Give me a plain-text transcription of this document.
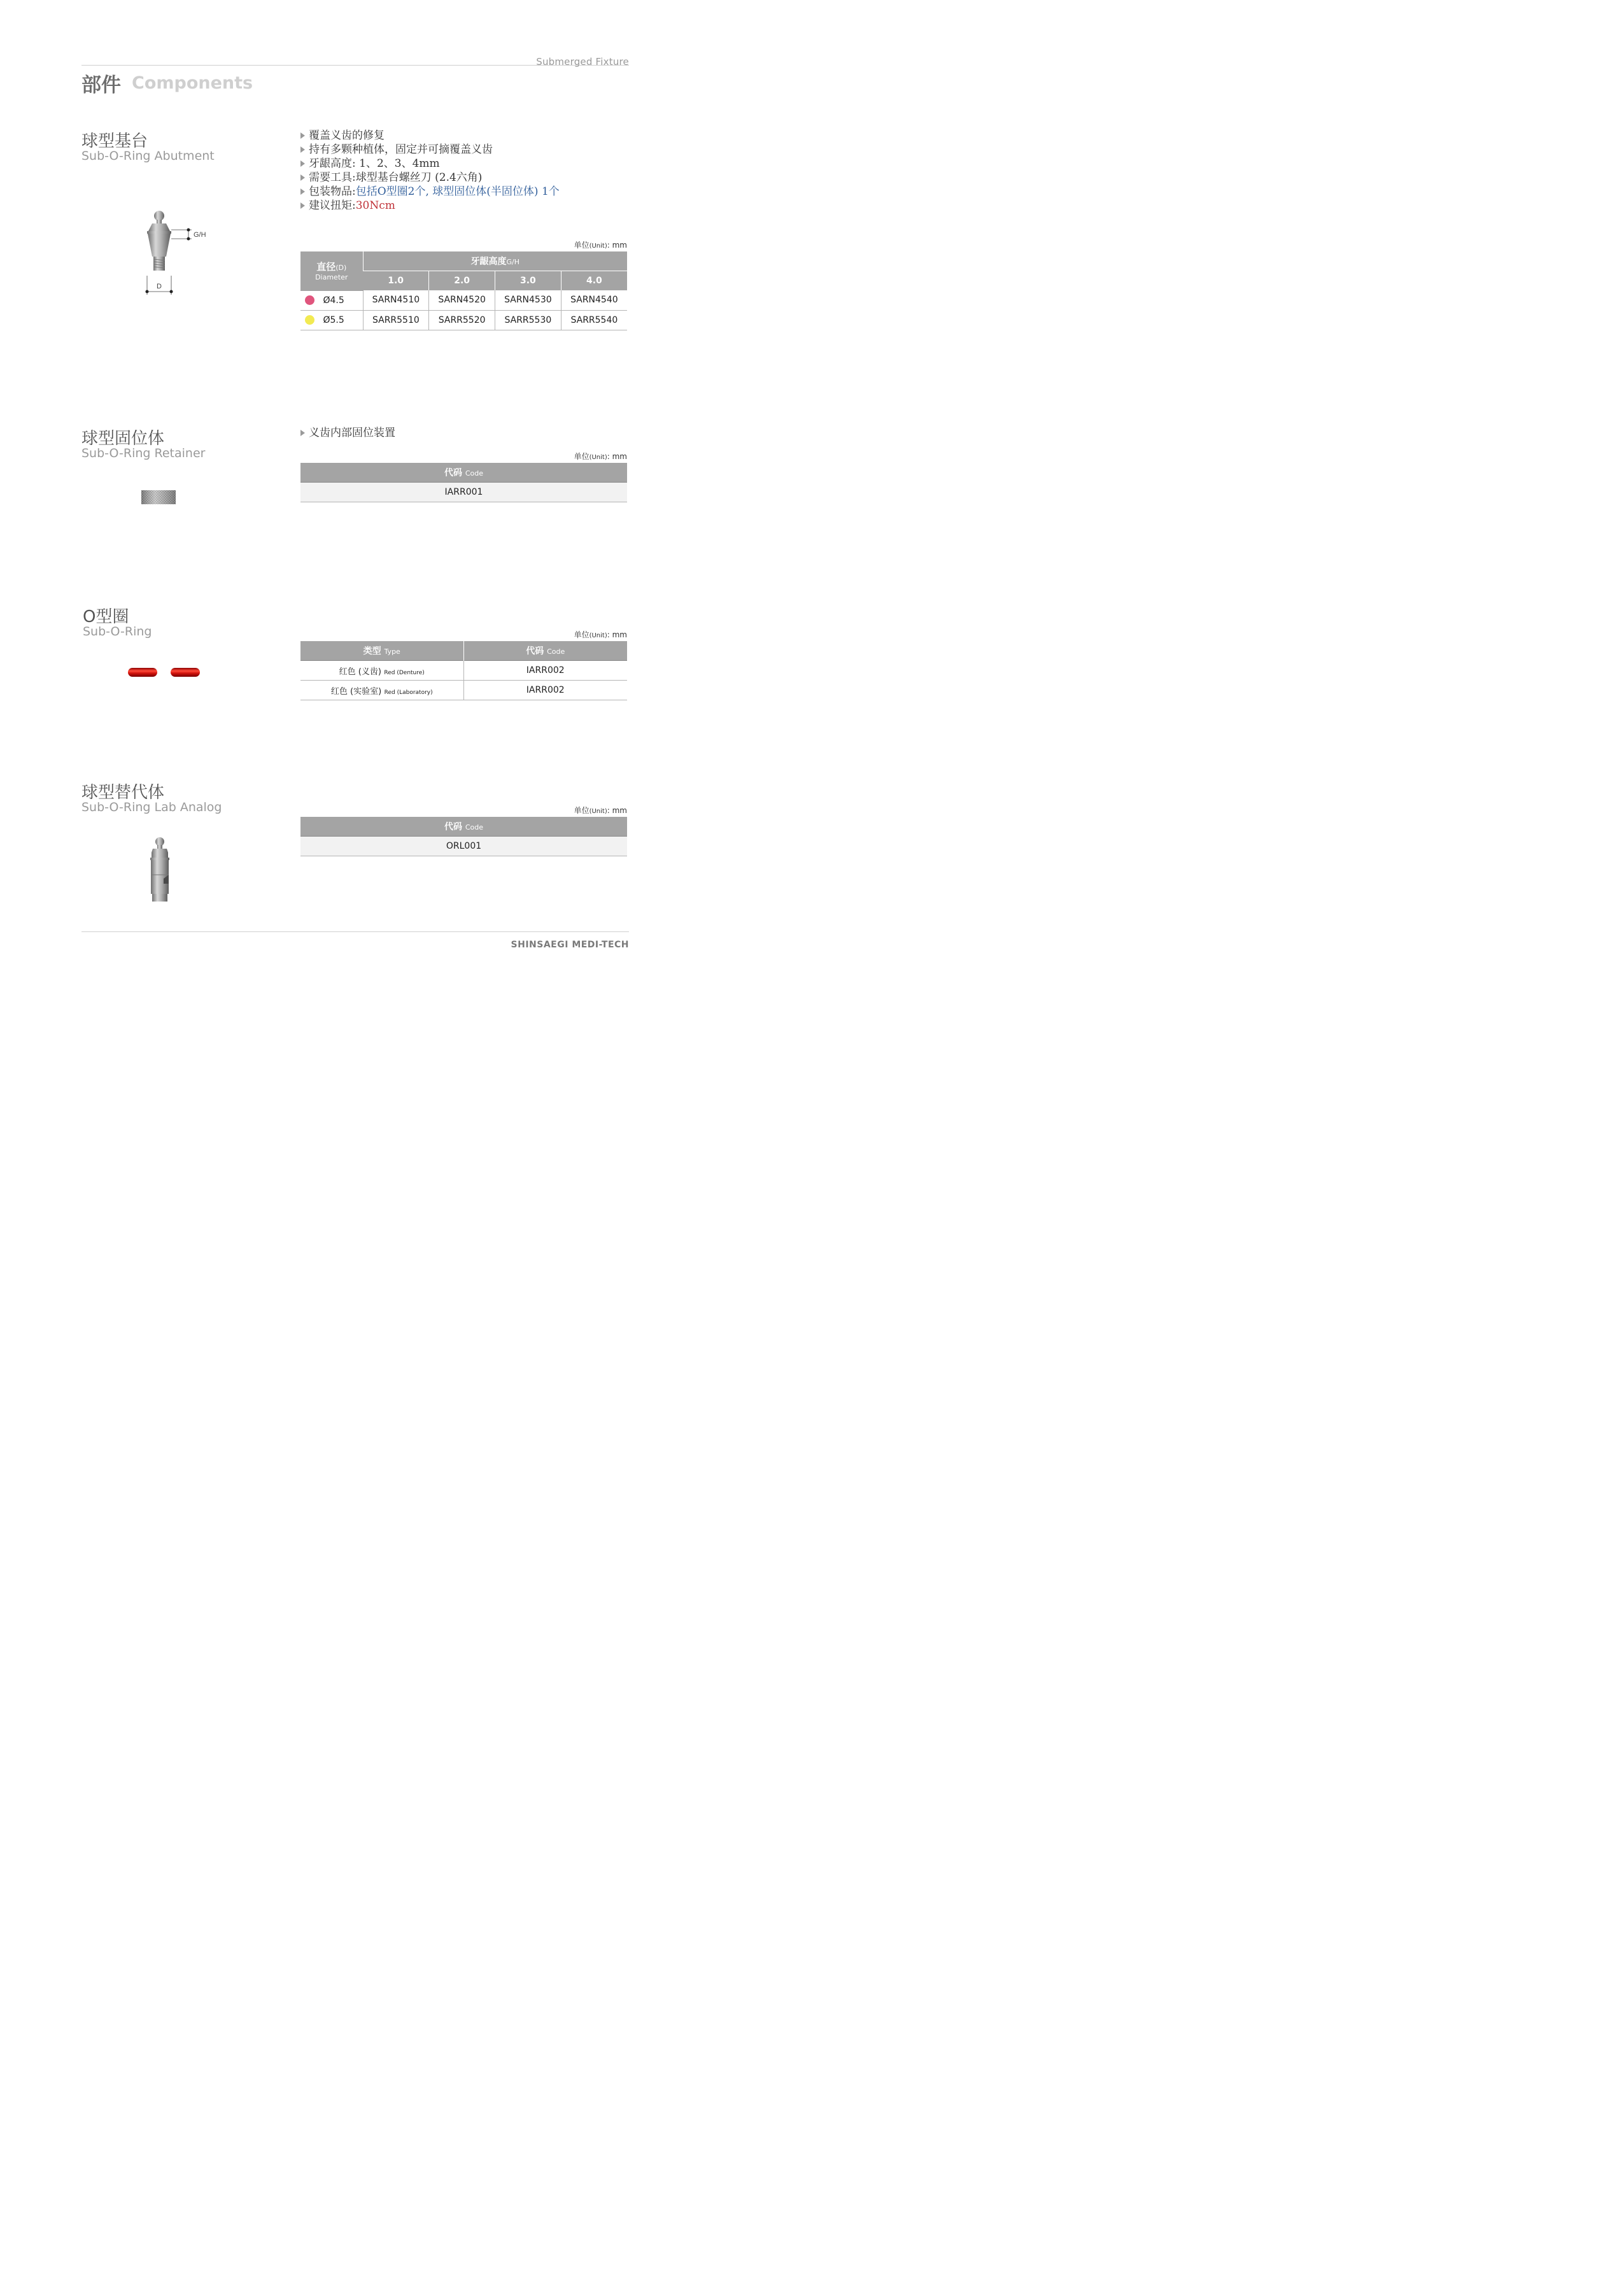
Submerged Fixture
部件 Components
球型基台
Sub-O-Ring Abutment
覆盖义齿的修复
持有多颗种植体，固定并可摘覆盖义齿
牙龈高度: 1、2、3、4mm
需要工具: 球型基台螺丝刀 (2.4六角)
包装物品: 包括O型圈2个, 球型固位体(半固位体) 1个
建议扭矩: 30Ncm
G/H
D
单位(Unit): mm
直径(D)
Diameter	牙龈高度G/H			
	1.0	2.0	3.0	4.0
Ø4.5	SARN4510	SARN4520	SARN4530	SARN4540
Ø5.5	SARR5510	SARR5520	SARR5530	SARR5540
球型固位体
Sub-O-Ring Retainer
义齿内部固位装置
单位(Unit): mm
代码 Code
IARR001
O型圈
Sub-O-Ring	单位(Unit): mm
类型 Type	代码 Code
红色 (义齿) Red (Denture)	IARR002
红色 (实验室) Red (Laboratory)	IARR002
球型替代体
Sub-O-Ring Lab Analog	单位(Unit): mm
代码 Code
ORL001
SHINSAEGI MEDI-TECH
